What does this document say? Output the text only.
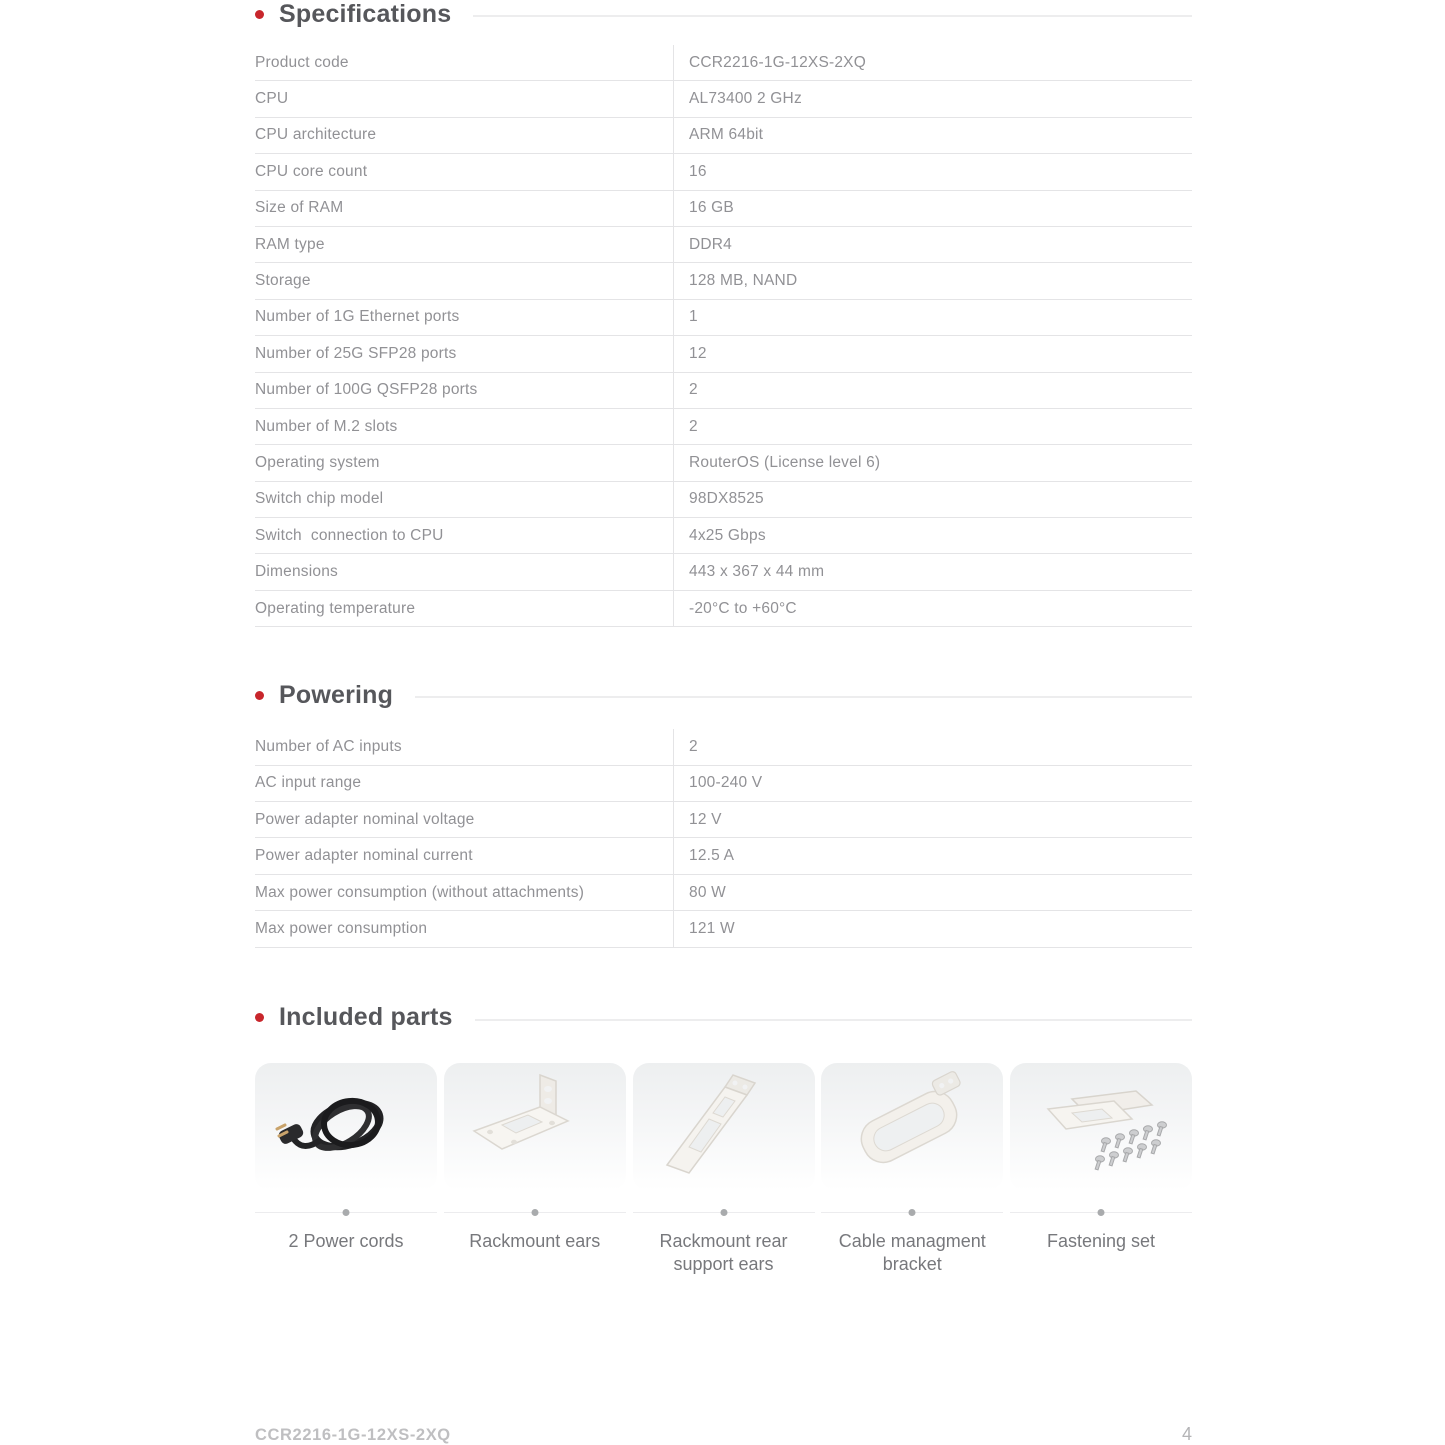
Specifications
Product code	CCR2216-1G-12XS-2XQ
CPU	AL73400 2 GHz
CPU architecture	ARM 64bit
CPU core count	16
Size of RAM	16 GB
RAM type	DDR4
Storage	128 MB, NAND
Number of 1G Ethernet ports	1
Number of 25G SFP28 ports	12
Number of 100G QSFP28 ports	2
Number of M.2 slots	2
Operating system	RouterOS (License level 6)
Switch chip model	98DX8525
Switch  connection to CPU	4x25 Gbps
Dimensions	443 x 367 x 44 mm
Operating temperature	-20°C to +60°C
Powering
Number of AC inputs	2
AC input range	100-240 V
Power adapter nominal voltage	12 V
Power adapter nominal current	12.5 A
Max power consumption (without attachments)	80 W
Max power consumption	121 W
Included parts
2 Power cords	Rackmount ears	Rackmount rear support ears
Cable managment bracket
Fastening set
CCR2216-1G-12XS-2XQ	4
